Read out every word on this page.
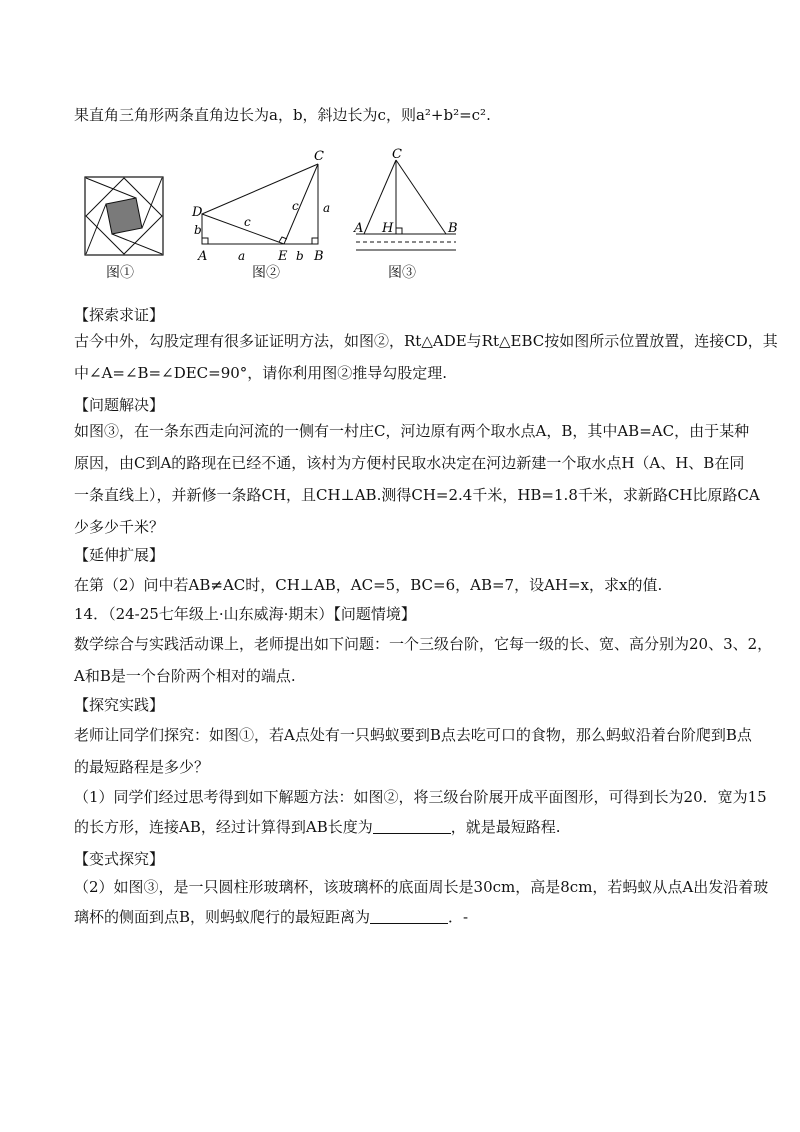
果直角三角形两条直角边长为a，b，斜边长为c，则a²+b²=c².
图①
C
D
A	E B
a
b
c
c a
b
图②
C
A H	B
图③
【探索求证】
古今中外，勾股定理有很多证证明方法，如图②，Rt△ADE与Rt△EBC按如图所示位置放置，连接CD，其
中∠A=∠B=∠DEC=90°，请你利用图②推导勾股定理.
【问题解决】
如图③，在一条东西走向河流的一侧有一村庄C，河边原有两个取水点A，B，其中AB=AC，由于某种
原因，由C到A的路现在已经不通，该村为方便村民取水决定在河边新建一个取水点H（A、H、B在同
一条直线上），并新修一条路CH，且CH⊥AB.测得CH=2.4千米，HB=1.8千米，求新路CH比原路CA
少多少千米？
【延伸扩展】
在第（2）问中若AB≠AC时，CH⊥AB，AC=5，BC=6，AB=7，设AH=x，求x的值.
14．（24-25七年级上·山东威海·期末）【问题情境】
数学综合与实践活动课上，老师提出如下问题：一个三级台阶，它每一级的长、宽、高分别为20、3、2，
A和B是一个台阶两个相对的端点.
【探究实践】
老师让同学们探究：如图①，若A点处有一只蚂蚁要到B点去吃可口的食物，那么蚂蚁沿着台阶爬到B点
的最短路程是多少？
（1）同学们经过思考得到如下解题方法：如图②，将三级台阶展开成平面图形，可得到长为20．宽为15
的长方形，连接AB，经过计算得到AB长度为	，就是最短路程.
【变式探究】
（2）如图③，是一只圆柱形玻璃杯，该玻璃杯的底面周长是30cm，高是8cm，若蚂蚁从点A出发沿着玻
璃杯的侧面到点B，则蚂蚁爬行的最短距离为	．-
